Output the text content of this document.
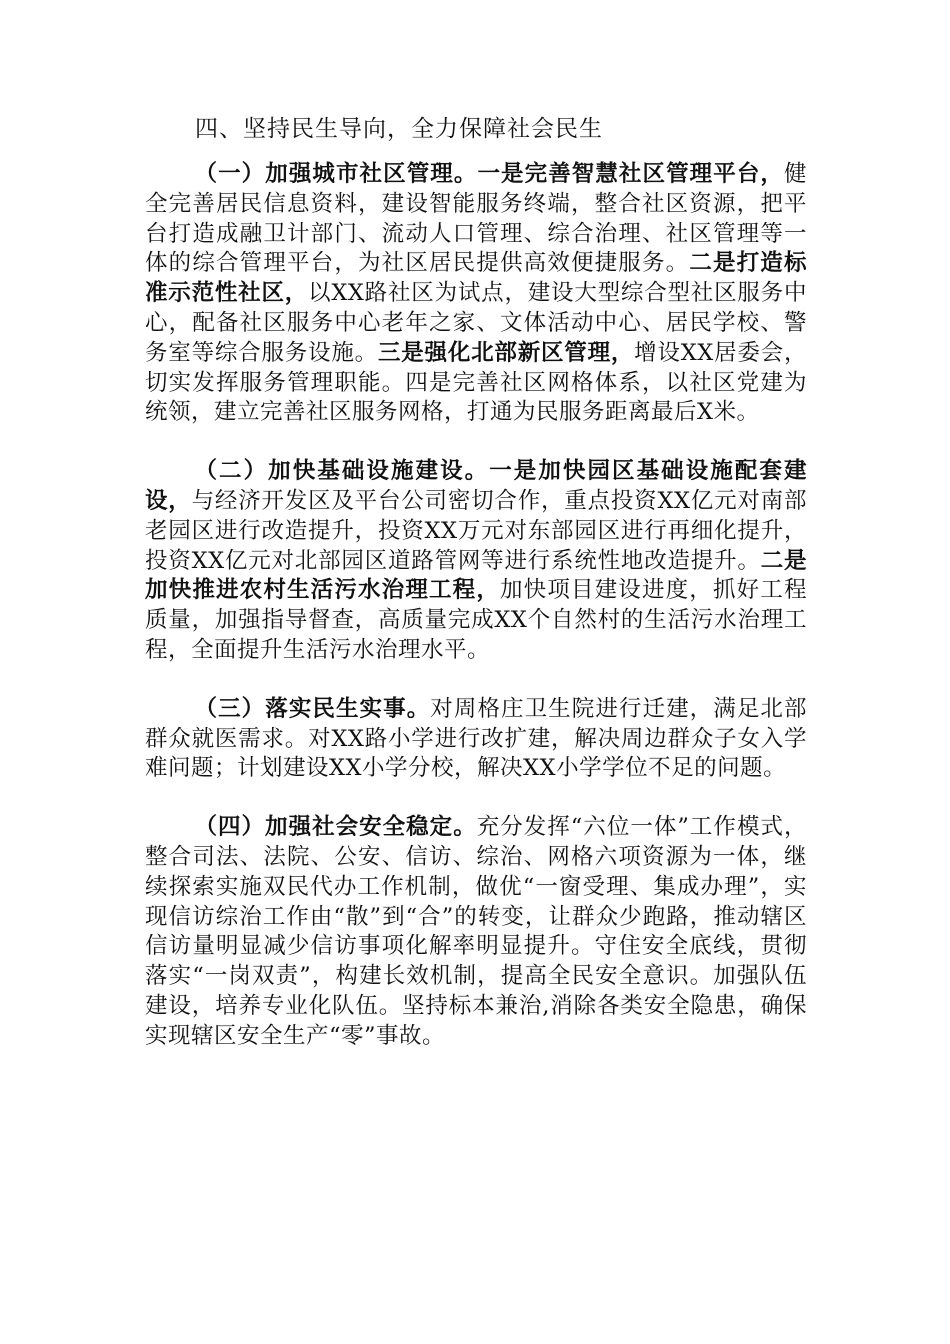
四、坚持民生导向，全力保障社会民生

（一）加强城市社区管理。一是完善智慧社区管理平台，健全完善居民信息资料，建设智能服务终端，整合社区资源，把平台打造成融卫计部门、流动人口管理、综合治理、社区管理等一体的综合管理平台，为社区居民提供高效便捷服务。二是打造标准示范性社区，以XX路社区为试点，建设大型综合型社区服务中心，配备社区服务中心老年之家、文体活动中心、居民学校、警务室等综合服务设施。三是强化北部新区管理，增设XX居委会，切实发挥服务管理职能。四是完善社区网格体系，以社区党建为统领，建立完善社区服务网格，打通为民服务距离最后X米。

（二）加快基础设施建设。一是加快园区基础设施配套建设，与经济开发区及平台公司密切合作，重点投资XX亿元对南部老园区进行改造提升，投资XX万元对东部园区进行再细化提升，投资XX亿元对北部园区道路管网等进行系统性地改造提升。二是加快推进农村生活污水治理工程，加快项目建设进度，抓好工程质量，加强指导督查，高质量完成XX个自然村的生活污水治理工程，全面提升生活污水治理水平。

（三）落实民生实事。对周格庄卫生院进行迁建，满足北部群众就医需求。对XX路小学进行改扩建，解决周边群众子女入学难问题；计划建设XX小学分校，解决XX小学学位不足的问题。

（四）加强社会安全稳定。充分发挥“六位一体”工作模式，整合司法、法院、公安、信访、综治、网格六项资源为一体，继续探索实施双民代办工作机制，做优“一窗受理、集成办理”，实现信访综治工作由“散”到“合”的转变，让群众少跑路，推动辖区信访量明显减少信访事项化解率明显提升。守住安全底线，贯彻落实“一岗双责”，构建长效机制，提高全民安全意识。加强队伍建设，培养专业化队伍。坚持标本兼治,消除各类安全隐患，确保实现辖区安全生产“零”事故。
